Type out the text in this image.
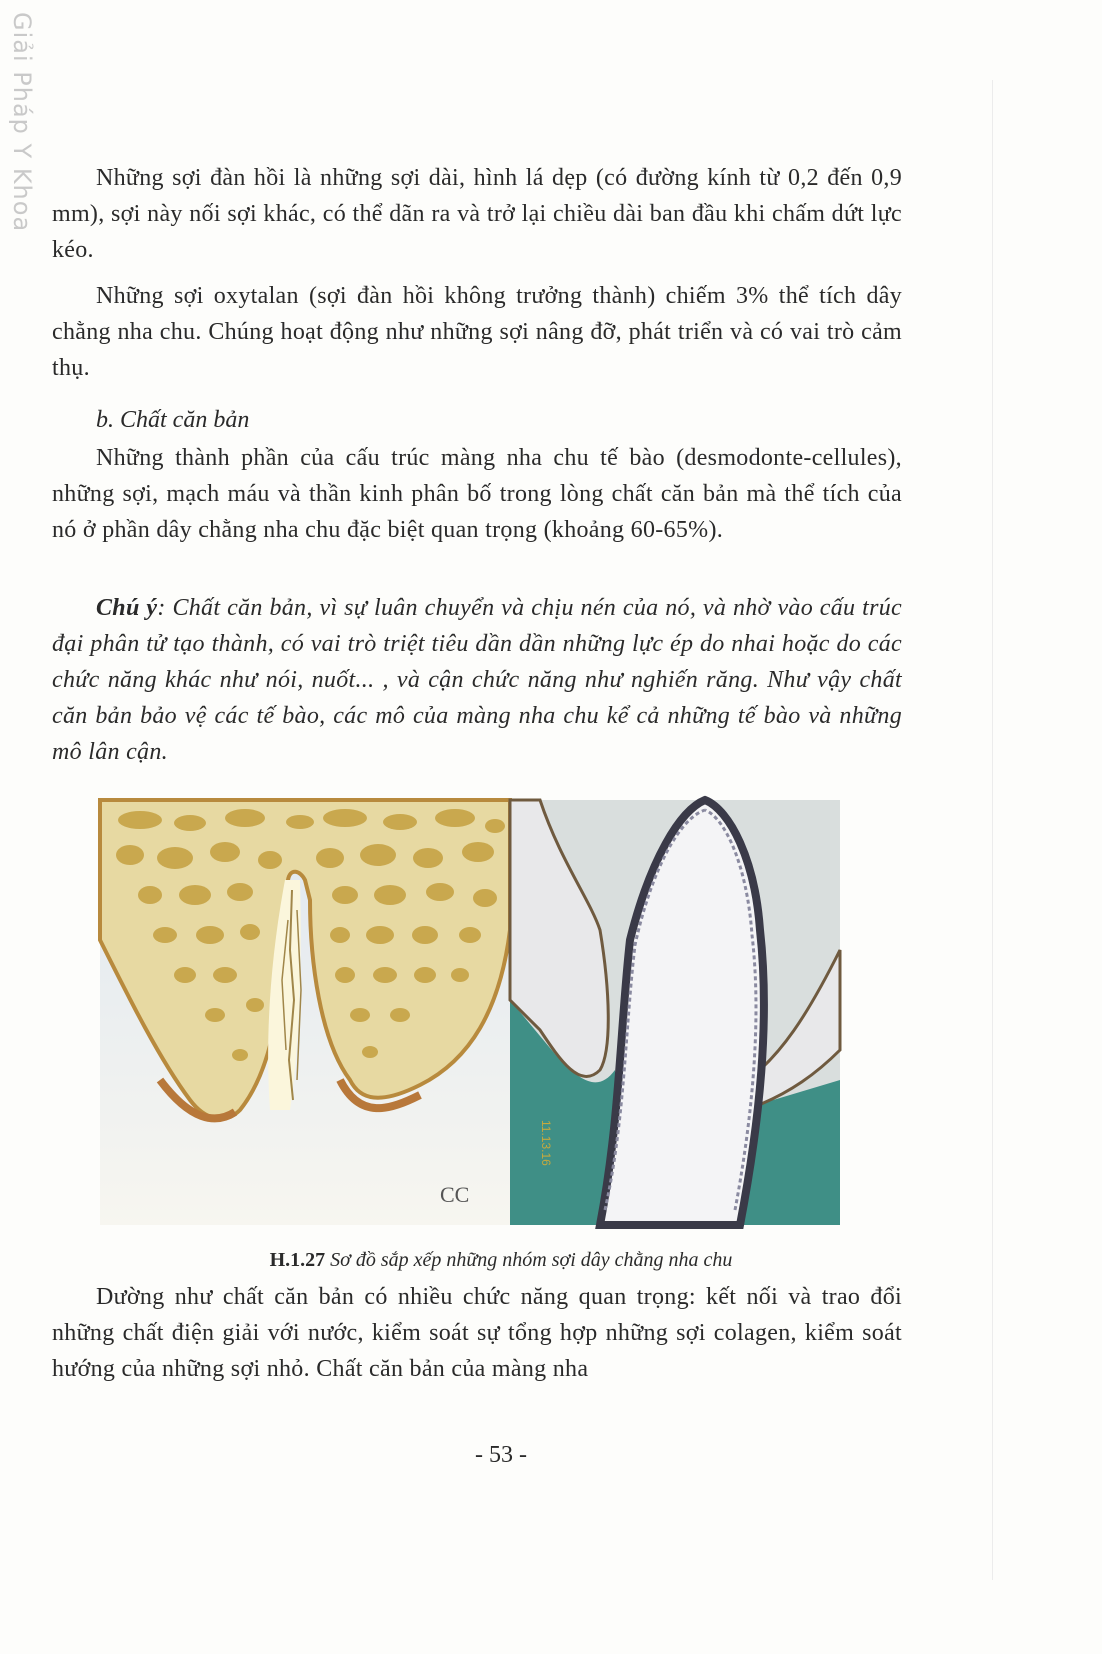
Giải Pháp Y Khoa	Những sợi đàn hồi là những sợi dài, hình lá dẹp (có đường kính từ 0,2 đến 0,9 mm), sợi này nối sợi khác, có thể dãn ra và trở lại chiều dài ban đầu khi chấm dứt lực kéo.

Những sợi oxytalan (sợi đàn hồi không trưởng thành) chiếm 3% thể tích dây chằng nha chu. Chúng hoạt động như những sợi nâng đỡ, phát triển và có vai trò cảm thụ.

b. Chất căn bản

Những thành phần của cấu trúc màng nha chu tế bào (desmodonte-cellules), những sợi, mạch máu và thần kinh phân bố trong lòng chất căn bản mà thể tích của nó ở phần dây chằng nha chu đặc biệt quan trọng (khoảng 60-65%).

Chú ý: Chất căn bản, vì sự luân chuyển và chịu nén của nó, và nhờ vào cấu trúc đại phân tử tạo thành, có vai trò triệt tiêu dần dần những lực ép do nhai hoặc do các chức năng khác như nói, nuốt... , và cận chức năng như nghiến răng. Như vậy chất căn bản bảo vệ các tế bào, các mô của màng nha chu kể cả những tế bào và những mô lân cận.

CC
11.13.16

H.1.27 Sơ đồ sắp xếp những nhóm sợi dây chằng nha chu

Dường như chất căn bản có nhiều chức năng quan trọng: kết nối và trao đổi những chất điện giải với nước, kiểm soát sự tổng hợp những sợi colagen, kiểm soát hướng của những sợi nhỏ. Chất căn bản của màng nha

- 53 -
